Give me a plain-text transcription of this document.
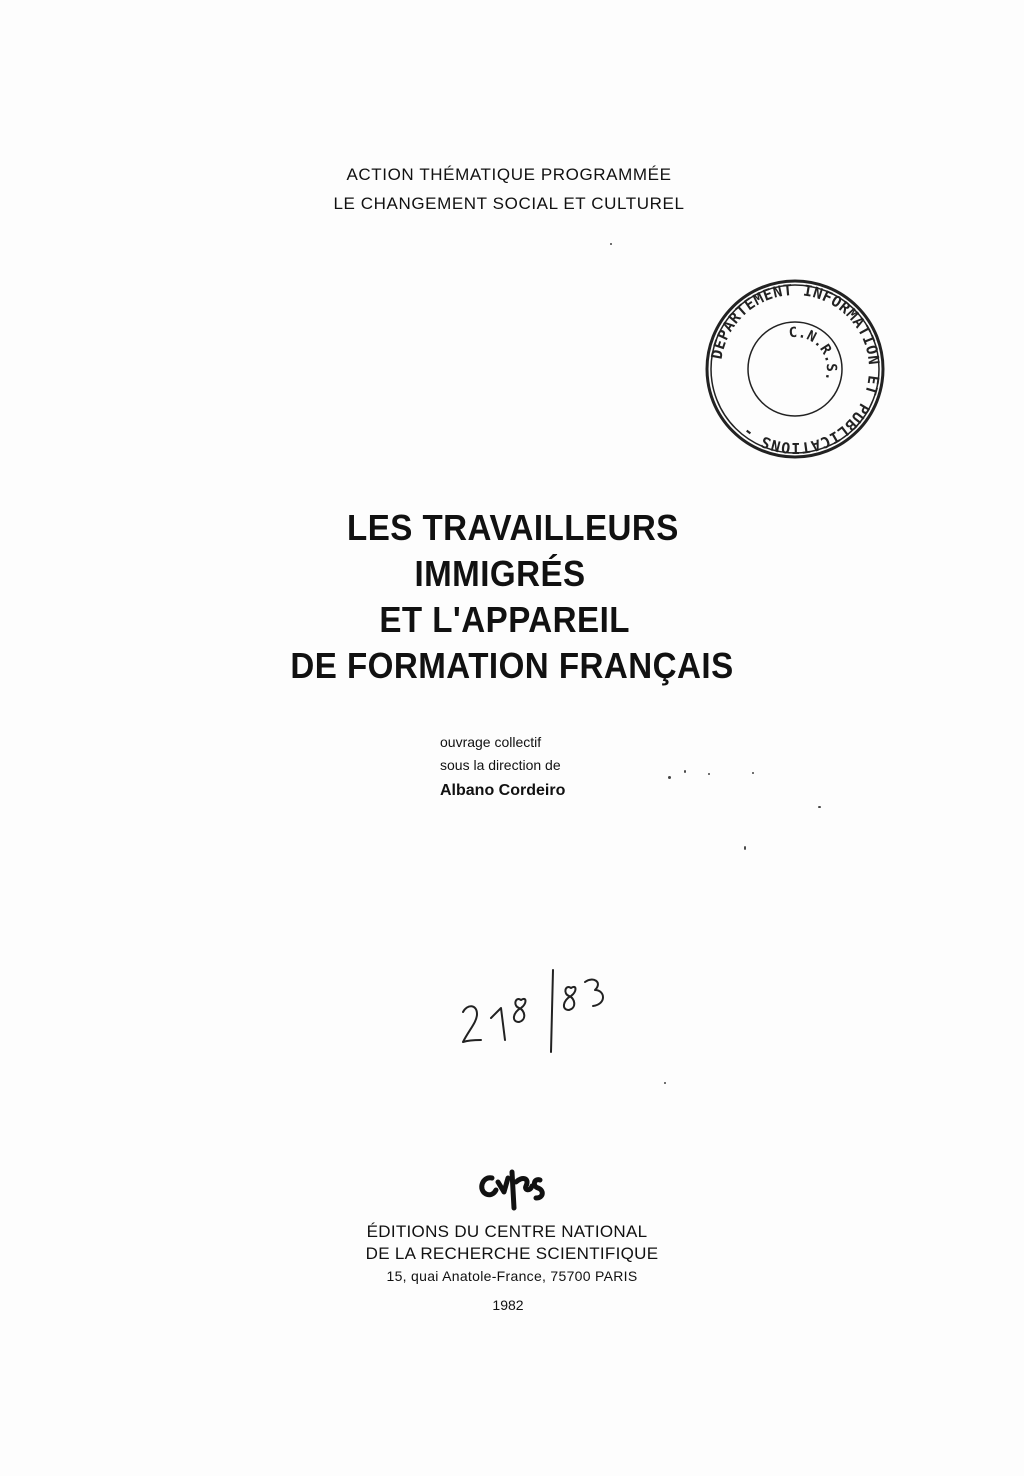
ACTION THÉMATIQUE PROGRAMMÉE
LE CHANGEMENT SOCIAL ET CULTUREL
DEPARTEMENT INFORMATION ET PUBLICATIONS -
C.N.R.S.
LES TRAVAILLEURS
IMMIGRÉS
ET L'APPAREIL
DE FORMATION FRANÇAIS
ouvrage collectif
sous la direction de
Albano Cordeiro
ÉDITIONS DU CENTRE NATIONAL
DE LA RECHERCHE SCIENTIFIQUE
15, quai Anatole-France, 75700 PARIS
1982
